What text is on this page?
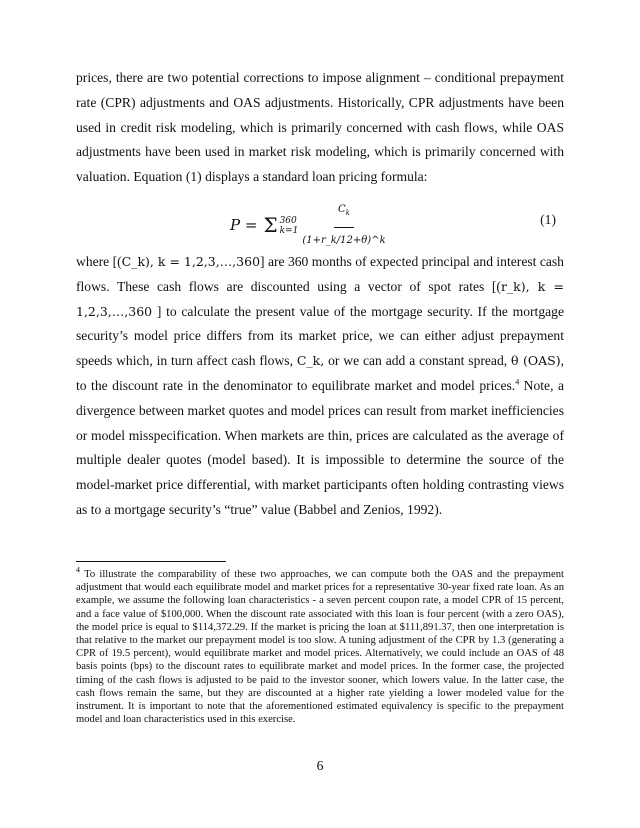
prices, there are two potential corrections to impose alignment – conditional prepayment rate (CPR) adjustments and OAS adjustments. Historically, CPR adjustments have been used in credit risk modeling, which is primarily concerned with cash flows, while OAS adjustments have been used in market risk modeling, which is primarily concerned with valuation. Equation (1) displays a standard loan pricing formula:

P = Σ 360
$k=1 \frac{C_k}{(1+r\_k/12+\theta)\^{}k}$	(1)

where [(C_k), k = 1,2,3,…,360] are 360 months of expected principal and interest cash flows. These cash flows are discounted using a vector of spot rates [(r_k), k = 1,2,3,…,360 ] to calculate the present value of the mortgage security. If the mortgage security’s model price differs from its market price, we can either adjust prepayment speeds which, in turn affect cash flows, C_k, or we can add a constant spread, θ (OAS), to the discount rate in the denominator to equilibrate market and model prices.$^4$ Note, a divergence between market quotes and model prices can result from market inefficiencies or model misspecification. When markets are thin, prices are calculated as the average of multiple dealer quotes (model based). It is impossible to determine the source of the model-market price differential, with market participants often holding contrasting views as to a mortgage security’s “true” value (Babbel and Zenios, 1992).

$^4$ To illustrate the comparability of these two approaches, we can compute both the OAS and the prepayment adjustment that would each equilibrate model and market prices for a representative 30-year fixed rate loan. As an example, we assume the following loan characteristics - a seven percent coupon rate, a model CPR of 15 percent, and a face value of $100,000. When the discount rate associated with this loan is four percent (with a zero OAS), the model price is equal to $114,372.29. If the market is pricing the loan at $111,891.37, then one interpretation is that relative to the market our prepayment model is too slow. A tuning adjustment of the CPR by 1.3 (generating a CPR of 19.5 percent), would equilibrate market and model prices. Alternatively, we could include an OAS of 48 basis points (bps) to the discount rates to equilibrate market and model prices. In the former case, the projected timing of the cash flows is adjusted to be paid to the investor sooner, which lowers value. In the latter case, the cash flows remain the same, but they are discounted at a higher rate yielding a lower modeled value for the instrument. It is important to note that the aforementioned estimated equivalency is specific to the prepayment model and loan characteristics used in this exercise.

6
